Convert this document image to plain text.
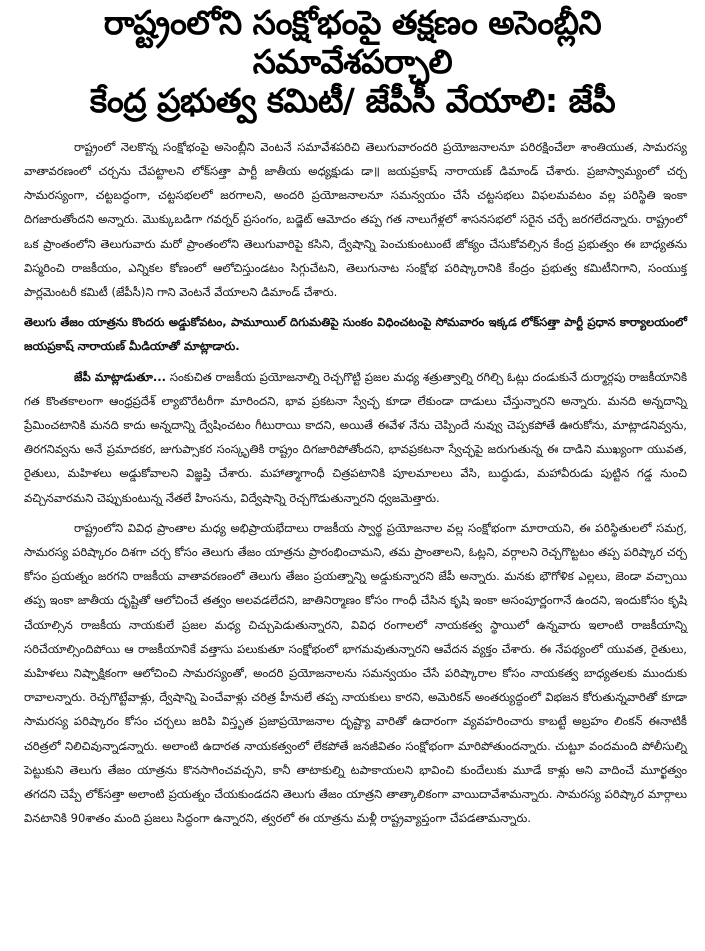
రాష్ట్రంలోని సంక్షోభంపై తక్షణం అసెంబ్లీని సమావేశపర్చాలి
కేంద్ర ప్రభుత్వ కమిటీ/ జేపీసీ వేయాలి: జేపీ

రాష్ట్రంలో నెలకొన్న సంక్షోభంపై అసెంబ్లీని వెంటనే సమావేశపరిచి తెలుగువారందరి ప్రయోజనాలనూ పరిరక్షించేలా శాంతియుత, సామరస్య వాతావరణంలో చర్చను చేపట్టాలని లోక్‌సత్తా పార్టీ జాతీయ అధ్యక్షుడు డా॥ జయప్రకాష్ నారాయణ్ డిమాండ్ చేశారు. ప్రజాస్వామ్యంలో చర్చ సామరస్యంగా, చట్టబద్ధంగా, చట్టసభలలో జరగాలని, అందరి ప్రయోజనాలనూ సమన్వయం చేసే చట్టసభలు విఫలమవటం వల్ల పరిస్థితి ఇంకా దిగజారుతోందని అన్నారు. మొక్కుబడిగా గవర్నర్ ప్రసంగం, బడ్జెట్ ఆమోదం తప్ప గత నాలుగేళ్లలో శాసనసభలో సరైన చర్చే జరగలేదన్నారు. రాష్ట్రంలో ఒక ప్రాంతంలోని తెలుగువారు మరో ప్రాంతంలోని తెలుగువారిపై కసిని, ద్వేషాన్ని పెంచుకుంటుంటే జోక్యం చేసుకోవల్సిన కేంద్ర ప్రభుత్వం ఈ బాధ్యతను విస్మరించి రాజకీయం, ఎన్నికల కోణంలో ఆలోచిస్తుండటం సిగ్గుచేటని, తెలుగునాట సంక్షోభ పరిష్కారానికి కేంద్రం ప్రభుత్వ కమిటీనిగాని, సంయుక్త పార్లమెంటరీ కమిటీ (జేపీసీ)ని గాని వెంటనే వేయాలని డిమాండ్ చేశారు.

తెలుగు తేజం యాత్రను కొందరు అడ్డుకోవటం, పామూయిల్ దిగుమతిపై సుంకం విధించటంపై సోమవారం ఇక్కడ లోక్‌సత్తా పార్టీ ప్రధాన కార్యాలయంలో జయప్రకాష్ నారాయణ్ మీడియాతో మాట్లాడారు.

జేపీ మాట్లాడుతూ... సంకుచిత రాజకీయ ప్రయోజనాల్ని రెచ్చగొట్టి ప్రజల మధ్య శత్రుత్వాల్ని రగిల్చి ఓట్లు దండుకునే దుర్మార్గపు రాజకీయానికి గత కొంతకాలంగా ఆంధ్రప్రదేశ్ ల్యాబొరేటరీగా మారిందని, భావ ప్రకటనా స్వేచ్ఛ కూడా లేకుండా దాడులు చేస్తున్నారని అన్నారు. మనది అన్నదాన్ని ప్రేమించటానికి మనది కాదు అన్నదాన్ని ద్వేషించటం గీటురాయి కాదని, అయితే ఈవేళ నేను చెప్పిందే నువ్వు చెప్పకపోతే ఊరుకోను, మాట్లాడనివ్వను, తిరగనివ్వను అనే ప్రమాదకర, జుగుప్సాకర సంస్కృతికి రాష్ట్రం దిగజారిపోతోందని, భావప్రకటనా స్వేచ్ఛపై జరుగుతున్న ఈ దాడిని ముఖ్యంగా యువత, రైతులు, మహిళలు అడ్డుకోవాలని విజ్ఞప్తి చేశారు. మహాత్మాగాంధీ చిత్రపటానికి పూలమాలలు వేసి, బుద్ధుడు, మహావీరుడు పుట్టిన గడ్డ నుంచి వచ్చినవారమని చెప్పుకుంటున్న నేతలే హింసను, విద్వేషాన్ని రెచ్చగొడుతున్నారని ధ్వజమెత్తారు.

రాష్ట్రంలోని వివిధ ప్రాంతాల మధ్య అభిప్రాయభేదాలు రాజకీయ స్వార్థ ప్రయోజనాల వల్ల సంక్షోభంగా మారాయని, ఈ పరిస్థితులలో సమగ్ర, సామరస్య పరిష్కారం దిశగా చర్చ కోసం తెలుగు తేజం యాత్రను ప్రారంభించామని, తమ ప్రాంతాలని, ఓట్లని, వర్గాలని రెచ్చగొట్టటం తప్ప పరిష్కార చర్చ కోసం ప్రయత్నం జరగని రాజకీయ వాతావరణంలో తెలుగు తేజం ప్రయత్నాన్ని అడ్డుకున్నారని జేపీ అన్నారు. మనకు భౌగోళిక ఎల్లలు, జెండా వచ్చాయి తప్ప ఇంకా జాతీయ దృష్టితో ఆలోచించే తత్వం అలవడలేదని, జాతినిర్మాణం కోసం గాంధీ చేసిన కృషి ఇంకా అసంపూర్ణంగానే ఉందని, ఇందుకోసం కృషి చేయాల్సిన రాజకీయ నాయకులే ప్రజల మధ్య చిచ్చుపెడుతున్నారని, వివిధ రంగాలలో నాయకత్వ స్థాయిలో ఉన్నవారు ఇలాంటి రాజకీయాన్ని సరిచేయాల్సిందిపోయి ఆ రాజకీయానికే వత్తాసు పలుకుతూ సంక్షోభంలో భాగమవుతున్నారని ఆవేదన వ్యక్తం చేశారు. ఈ నేపథ్యంలో యువత, రైతులు, మహిళలు నిష్పాక్షికంగా ఆలోచించి సామరస్యంతో, అందరి ప్రయోజనాలను సమన్వయం చేసే పరిష్కారాల కోసం నాయకత్వ బాధ్యతలకు ముందుకు రావాలన్నారు. రెచ్చగొట్టేవాళ్లు, ద్వేషాన్ని పెంచేవాళ్లు చరిత్ర హీనులే తప్ప నాయకులు కారని, అమెరికన్ అంతర్యుద్ధంలో విభజన కోరుతున్నవారితో కూడా సామరస్య పరిష్కారం కోసం చర్చలు జరిపి విస్తృత ప్రజాప్రయోజనాల దృష్ట్యా వారితో ఉదారంగా వ్యవహరించారు కాబట్టే అబ్రహం లింకన్ ఈనాటికీ చరిత్రలో నిలిచివున్నాడన్నారు. అలాంటి ఉదారత నాయకత్వంలో లేకపోతే జనజీవితం సంక్షోభంగా మారిపోతుందన్నారు. చుట్టూ వందమంది పోలీసుల్ని పెట్టుకుని తెలుగు తేజం యాత్రను కొనసాగించవచ్చని, కానీ తాటాకుల్ని టపాకాయలని భావించి కుందేలుకు మూడే కాళ్లు అని వాదించే మూర్ఖత్వం తగదని చెప్పే లోక్‌సత్తా అలాంటి ప్రయత్నం చేయకుండదని తెలుగు తేజం యాత్రని తాత్కాలికంగా వాయిదావేశామన్నారు. సామరస్య పరిష్కార మార్గాలు వినటానికి 90శాతం మంది ప్రజలు సిద్ధంగా ఉన్నారని, త్వరలో ఈ యాత్రను మళ్లీ రాష్ట్రవ్యాప్తంగా చేపడతామన్నారు.
